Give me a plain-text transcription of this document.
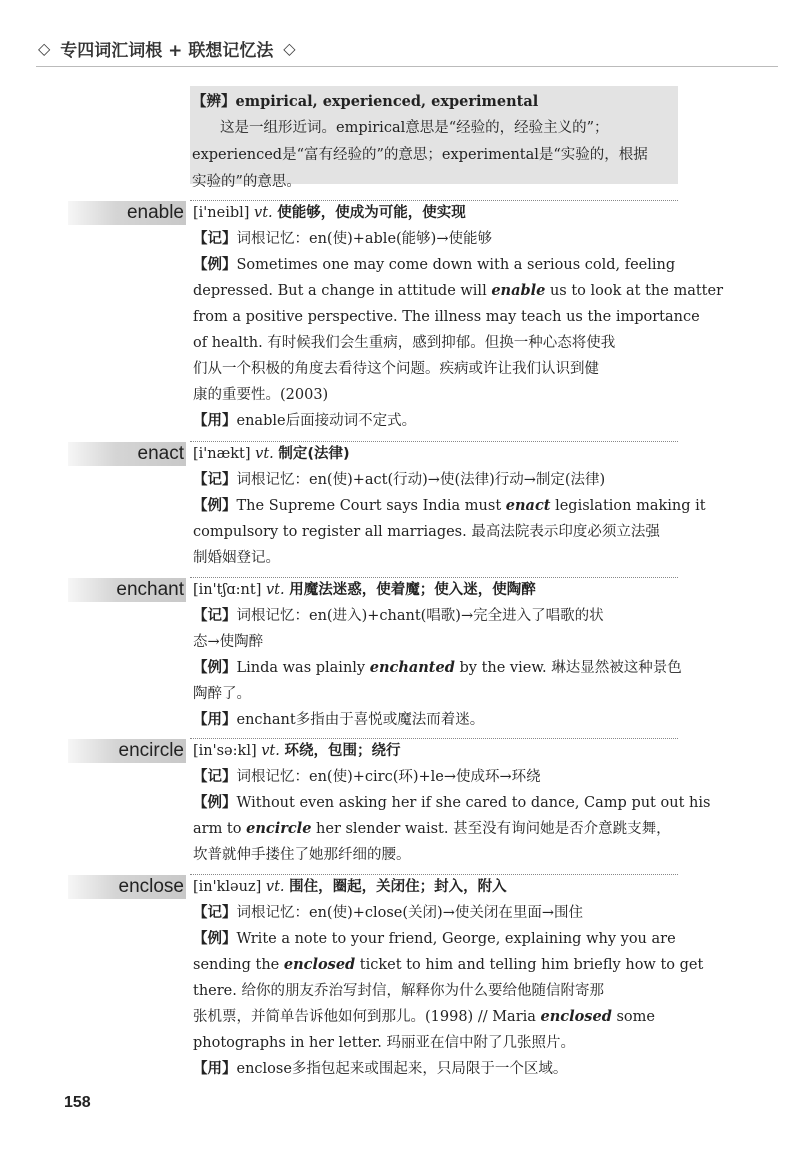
◇ 专四词汇词根 + 联想记忆法 ◇
【辨】empirical, experienced, experimental
这是一组形近词。empirical意思是“经验的，经验主义的”；
experienced是“富有经验的”的意思；experimental是“实验的，根据
实验的”的意思。
enable [i'neibl] vt. 使能够，使成为可能，使实现
【记】词根记忆：en(使)+able(能够)→使能够
【例】Sometimes one may come down with a serious cold, feeling
depressed. But a change in attitude will enable us to look at the matter
from a positive perspective. The illness may teach us the importance
of health. 有时候我们会生重病，感到抑郁。但换一种心态将使我
们从一个积极的角度去看待这个问题。疾病或许让我们认识到健
康的重要性。(2003)
【用】enable后面接动词不定式。
enact [i'nækt] vt. 制定(法律)
【记】词根记忆：en(使)+act(行动)→使(法律)行动→制定(法律)
【例】The Supreme Court says India must enact legislation making it
compulsory to register all marriages. 最高法院表示印度必须立法强
制婚姻登记。
enchant [in'tʃɑ:nt] vt. 用魔法迷惑，使着魔；使入迷，使陶醉
【记】词根记忆：en(进入)+chant(唱歌)→完全进入了唱歌的状
态→使陶醉
【例】Linda was plainly enchanted by the view. 琳达显然被这种景色
陶醉了。
【用】enchant多指由于喜悦或魔法而着迷。
encircle [in'sə:kl] vt. 环绕，包围；绕行
【记】词根记忆：en(使)+circ(环)+le→使成环→环绕
【例】Without even asking her if she cared to dance, Camp put out his
arm to encircle her slender waist. 甚至没有询问她是否介意跳支舞，
坎普就伸手搂住了她那纤细的腰。
enclose [in'kləuz] vt. 围住，圈起，关闭住；封入，附入
【记】词根记忆：en(使)+close(关闭)→使关闭在里面→围住
【例】Write a note to your friend, George, explaining why you are
sending the enclosed ticket to him and telling him briefly how to get
there. 给你的朋友乔治写封信，解释你为什么要给他随信附寄那
张机票，并简单告诉他如何到那儿。(1998) // Maria enclosed some
photographs in her letter. 玛丽亚在信中附了几张照片。
【用】enclose多指包起来或围起来，只局限于一个区域。
158
